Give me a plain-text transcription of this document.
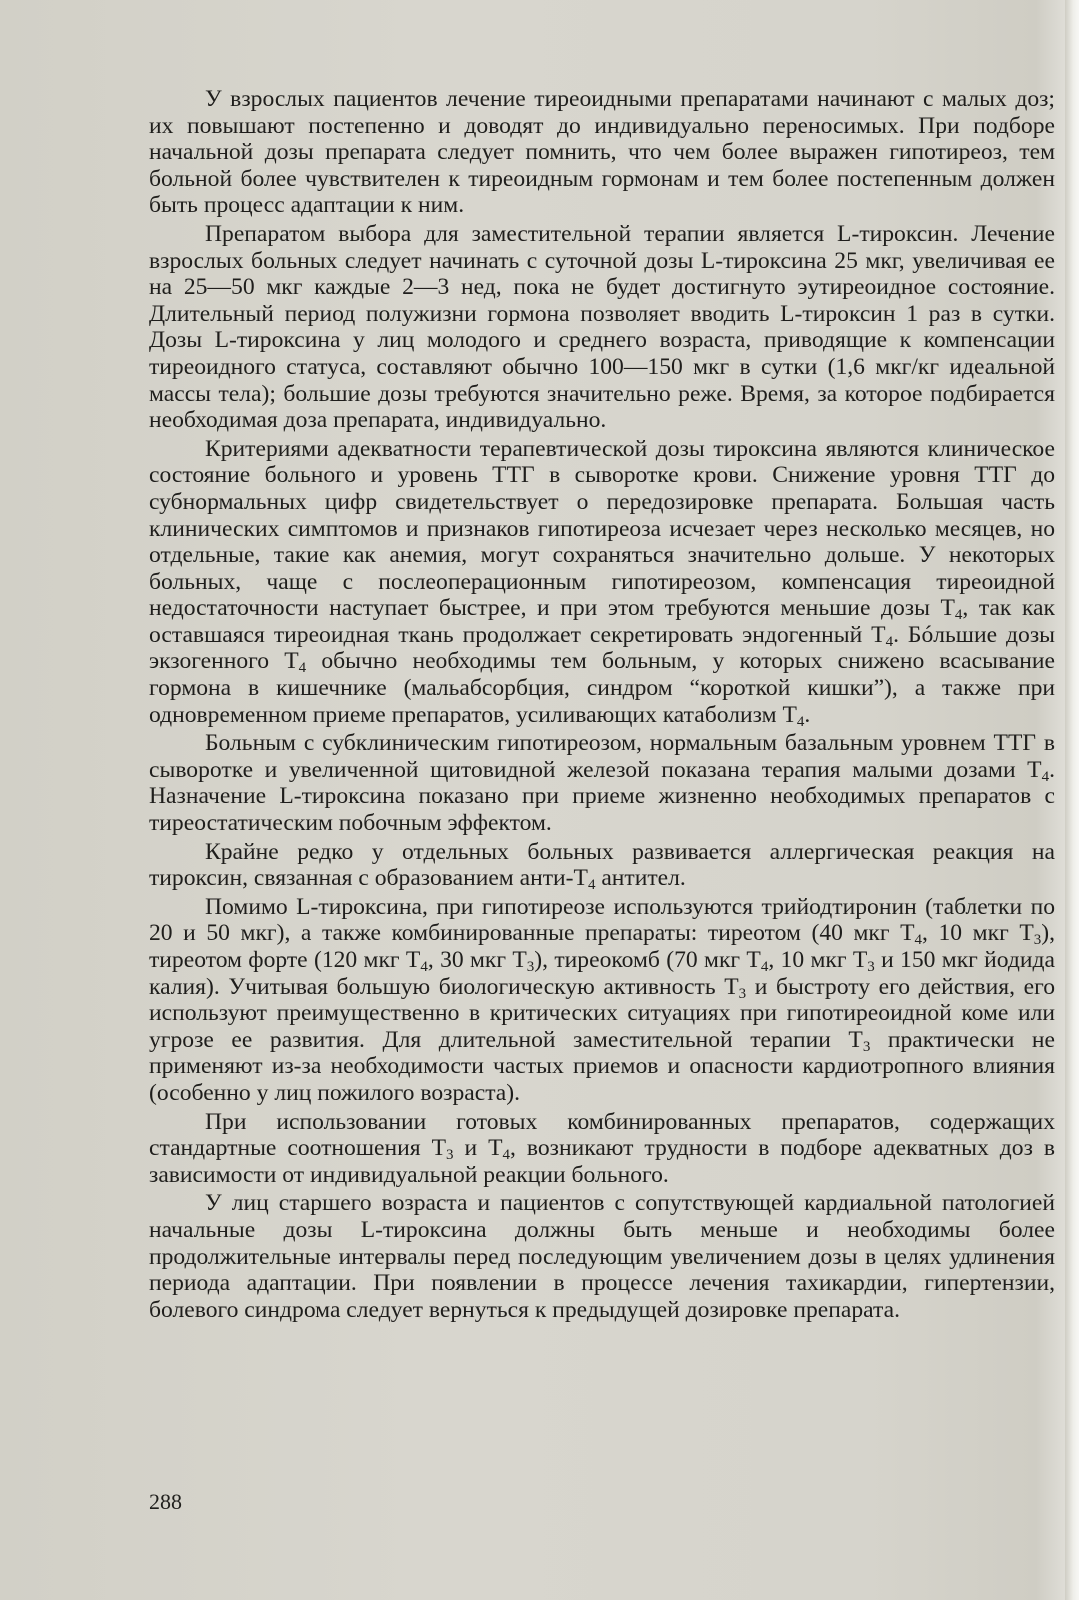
У взрослых пациентов лечение тиреоидными препаратами начинают с малых доз; их повышают постепенно и доводят до индивидуально переносимых. При подборе начальной дозы препарата следует помнить, что чем более выражен гипотиреоз, тем больной более чувствителен к тиреоидным гормонам и тем более постепенным должен быть процесс адаптации к ним.

Препаратом выбора для заместительной терапии является L-тироксин. Лечение взрослых больных следует начинать с суточной дозы L-тироксина 25 мкг, увеличивая ее на 25—50 мкг каждые 2—3 нед, пока не будет достигнуто эутиреоидное состояние. Длительный период полужизни гормона позволяет вводить L-тироксин 1 раз в сутки. Дозы L-тироксина у лиц молодого и среднего возраста, приводящие к компенсации тиреоидного статуса, составляют обычно 100—150 мкг в сутки (1,6 мкг/кг идеальной массы тела); большие дозы требуются значительно реже. Время, за которое подбирается необходимая доза препарата, индивидуально.

Критериями адекватности терапевтической дозы тироксина являются клиническое состояние больного и уровень ТТГ в сыворотке крови. Снижение уровня ТТГ до субнормальных цифр свидетельствует о передозировке препарата. Большая часть клинических симптомов и признаков гипотиреоза исчезает через несколько месяцев, но отдельные, такие как анемия, могут сохраняться значительно дольше. У некоторых больных, чаще с послеоперационным гипотиреозом, компенсация тиреоидной недостаточности наступает быстрее, и при этом требуются меньшие дозы $Т_4$, так как оставшаяся тиреоидная ткань продолжает секретировать эндогенный $Т_4$. Бóльшие дозы экзогенного $Т_4$ обычно необходимы тем больным, у которых снижено всасывание гормона в кишечнике (мальабсорбция, синдром “короткой кишки”), а также при одновременном приеме препаратов, усиливающих катаболизм $Т_4$.

Больным с субклиническим гипотиреозом, нормальным базальным уровнем ТТГ в сыворотке и увеличенной щитовидной железой показана терапия малыми дозами $Т_4$. Назначение L-тироксина показано при приеме жизненно необходимых препаратов с тиреостатическим побочным эффектом.

Крайне редко у отдельных больных развивается аллергическая реакция на тироксин, связанная с образованием анти-$Т_4$ антител.

Помимо L-тироксина, при гипотиреозе используются трийодтиронин (таблетки по 20 и 50 мкг), а также комбинированные препараты: тиреотом (40 мкг $Т_4$, 10 мкг $Т_3$), тиреотом форте (120 мкг $Т_4$, 30 мкг $Т_3$), тиреокомб (70 мкг $Т_4$, 10 мкг $Т_3$ и 150 мкг йодида калия). Учитывая большую биологическую активность $Т_3$ и быстроту его действия, его используют преимущественно в критических ситуациях при гипотиреоидной коме или угрозе ее развития. Для длительной заместительной терапии $Т_3$ практически не применяют из-за необходимости частых приемов и опасности кардиотропного влияния (особенно у лиц пожилого возраста).

При использовании готовых комбинированных препаратов, содержащих стандартные соотношения $Т_3$ и $Т_4$, возникают трудности в подборе адекватных доз в зависимости от индивидуальной реакции больного.

У лиц старшего возраста и пациентов с сопутствующей кардиальной патологией начальные дозы L-тироксина должны быть меньше и необходимы более продолжительные интервалы перед последующим увеличением дозы в целях удлинения периода адаптации. При появлении в процессе лечения тахикардии, гипертензии, болевого синдрома следует вернуться к предыдущей дозировке препарата.

288
